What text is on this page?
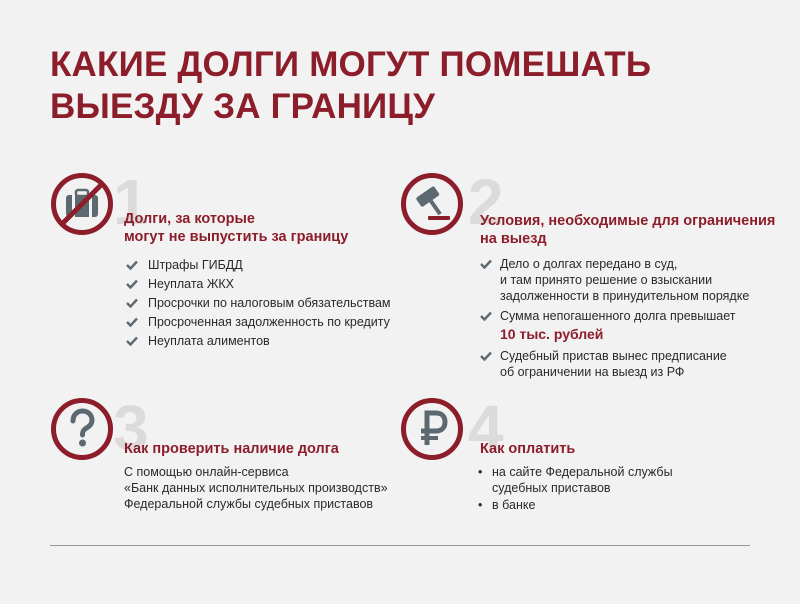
КАКИЕ ДОЛГИ МОГУТ ПОМЕШАТЬ
ВЫЕЗДУ ЗА ГРАНИЦУ
1
Долги, за которые
могут не выпустить за границу
Штрафы ГИБДД
Неуплата ЖКХ
Просрочки по налоговым обязательствам
Просроченная задолженность по кредиту
Неуплата алиментов
2
Условия, необходимые для ограничения
на выезд
Дело о долгах передано в суд,
и там принято решение о взыскании
задолженности в принудительном порядке
Сумма непогашенного долга превышает
10 тыс. рублей
Судебный пристав вынес предписание
об ограничении на выезд из РФ
3
Как проверить наличие долга
С помощью онлайн-сервиса
«Банк данных исполнительных производств»
Федеральной службы судебных приставов
4
Как оплатить
• на сайте Федеральной службы
судебных приставов
• в банке
